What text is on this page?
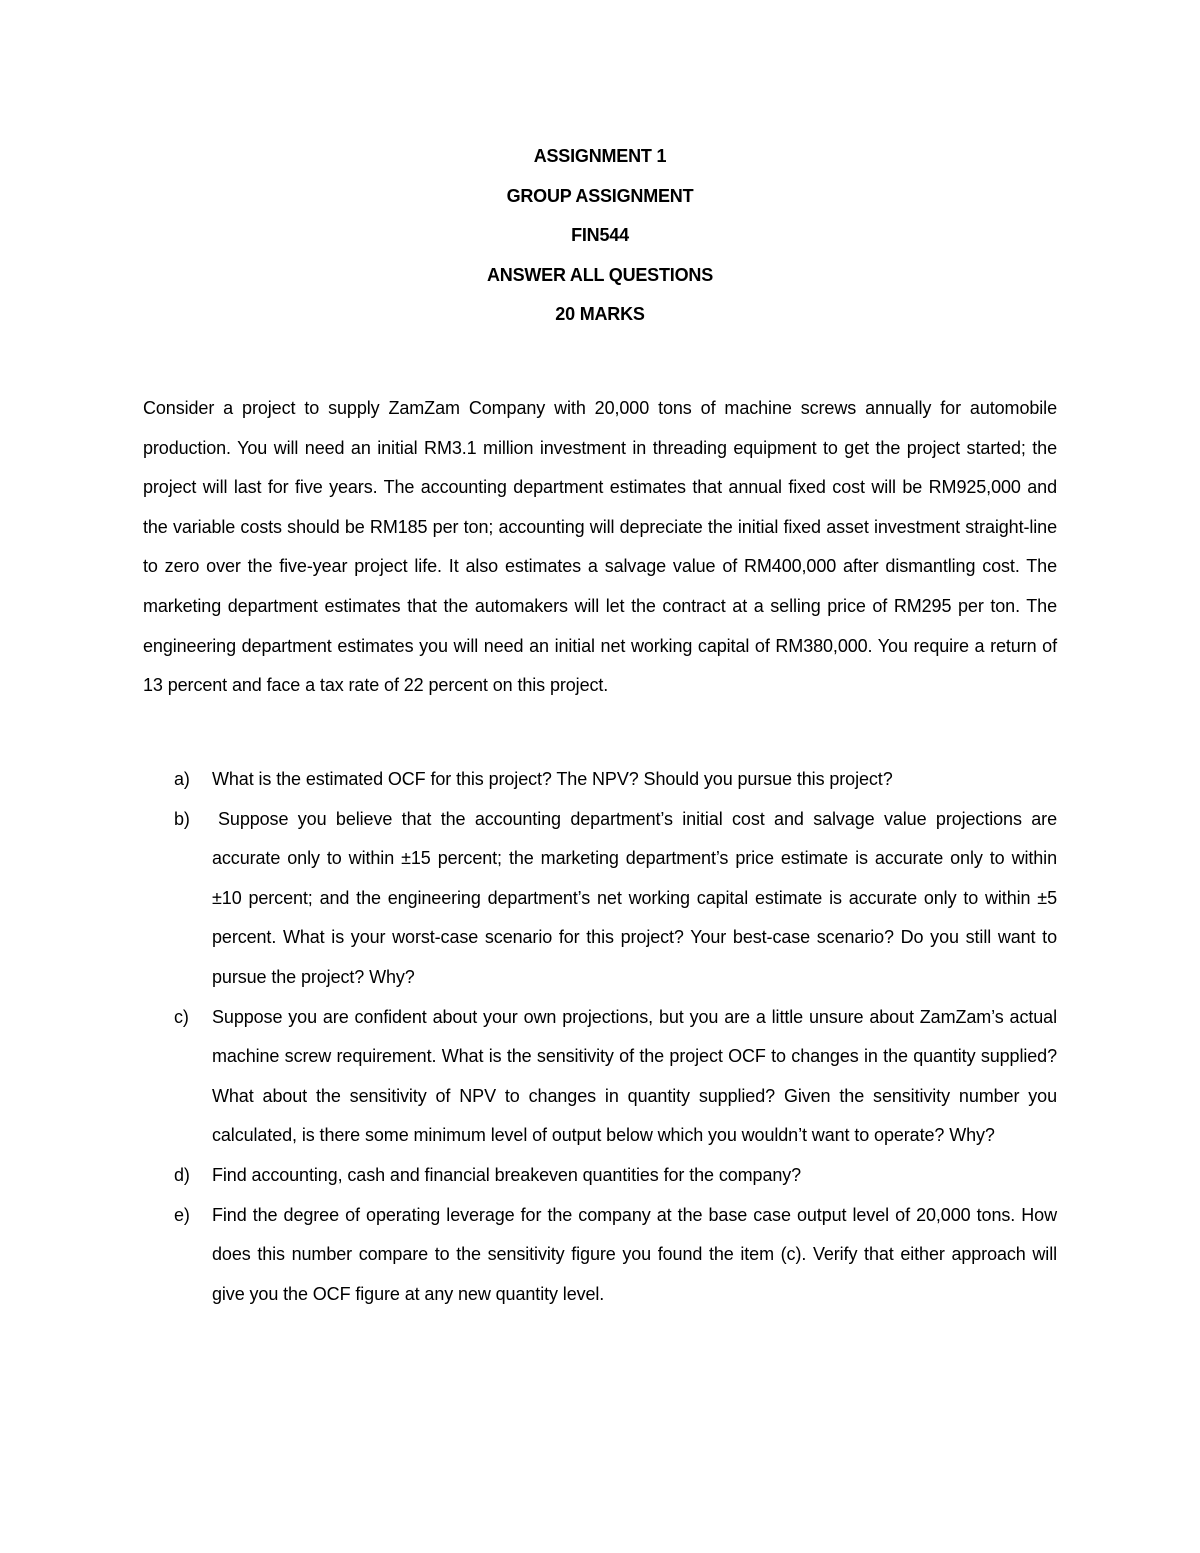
ASSIGNMENT 1
GROUP ASSIGNMENT
FIN544
ANSWER ALL QUESTIONS
20 MARKS

Consider a project to supply ZamZam Company with 20,000 tons of machine screws annually for automobile production. You will need an initial RM3.1 million investment in threading equipment to get the project started; the project will last for five years. The accounting department estimates that annual fixed cost will be RM925,000 and the variable costs should be RM185 per ton; accounting will depreciate the initial fixed asset investment straight-line to zero over the five-year project life. It also estimates a salvage value of RM400,000 after dismantling cost. The marketing department estimates that the automakers will let the contract at a selling price of RM295 per ton. The engineering department estimates you will need an initial net working capital of RM380,000. You require a return of 13 percent and face a tax rate of 22 percent on this project.

a) What is the estimated OCF for this project? The NPV? Should you pursue this project?
b)	Suppose you believe that the accounting department’s initial cost and salvage value projections are accurate only to within ±15 percent; the marketing department’s price estimate is accurate only to within ±10 percent; and the engineering department’s net working capital estimate is accurate only to within ±5 percent. What is your worst-case scenario for this project? Your best-case scenario? Do you still want to pursue the project? Why?
c) Suppose you are confident about your own projections, but you are a little unsure about ZamZam’s actual machine screw requirement. What is the sensitivity of the project OCF to changes in the quantity supplied? What about the sensitivity of NPV to changes in quantity supplied? Given the sensitivity number you calculated, is there some minimum level of output below which you wouldn’t want to operate? Why?
d) Find accounting, cash and financial breakeven quantities for the company?
e) Find the degree of operating leverage for the company at the base case output level of 20,000 tons. How does this number compare to the sensitivity figure you found the item (c). Verify that either approach will give you the OCF figure at any new quantity level.
